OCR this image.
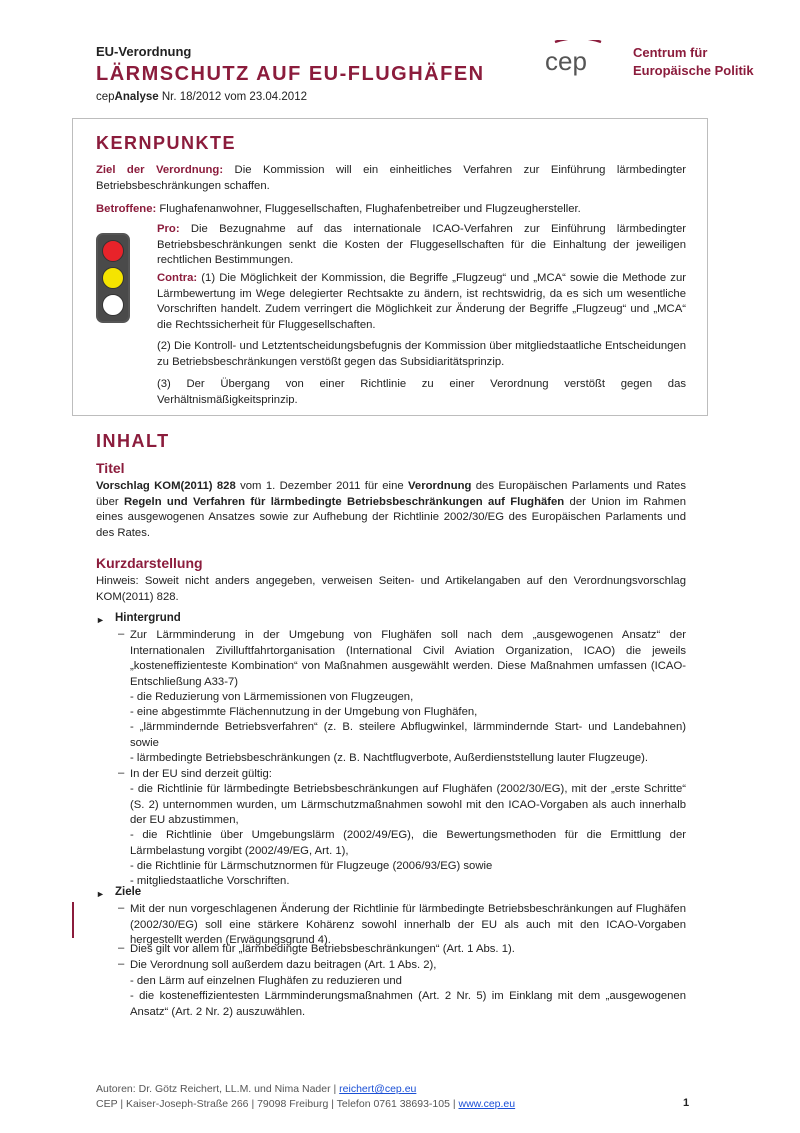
EU-Verordnung
LÄRMSCHUTZ AUF EU-FLUGHÄFEN
cepAnalyse Nr. 18/2012 vom 23.04.2012
cep	Centrum für
Europäische Politik
KERNPUNKTE
Ziel der Verordnung: Die Kommission will ein einheitliches Verfahren zur Einführung lärmbedingter Betriebsbeschränkungen schaffen.
Betroffene: Flughafenanwohner, Fluggesellschaften, Flughafenbetreiber und Flugzeughersteller.
Pro: Die Bezugnahme auf das internationale ICAO-Verfahren zur Einführung lärmbedingter Betriebsbeschränkungen senkt die Kosten der Fluggesellschaften für die Einhaltung der jeweiligen rechtlichen Bestimmungen.
Contra: (1) Die Möglichkeit der Kommission, die Begriffe „Flugzeug“ und „MCA“ sowie die Methode zur Lärmbewertung im Wege delegierter Rechtsakte zu ändern, ist rechtswidrig, da es sich um wesentliche Vorschriften handelt. Zudem verringert die Möglichkeit zur Änderung der Begriffe „Flugzeug“ und „MCA“ die Rechtssicherheit für Fluggesellschaften.
(2) Die Kontroll- und Letztentscheidungsbefugnis der Kommission über mitgliedstaatliche Entscheidungen zu Betriebsbeschränkungen verstößt gegen das Subsidiaritätsprinzip.
(3) Der Übergang von einer Richtlinie zu einer Verordnung verstößt gegen das Verhältnismäßigkeitsprinzip.
INHALT
Titel
Vorschlag KOM(2011) 828 vom 1. Dezember 2011 für eine Verordnung des Europäischen Parlaments und Rates über Regeln und Verfahren für lärmbedingte Betriebsbeschränkungen auf Flughäfen der Union im Rahmen eines ausgewogenen Ansatzes sowie zur Aufhebung der Richtlinie 2002/30/EG des Europäischen Parlaments und des Rates.
Kurzdarstellung
Hinweis: Soweit nicht anders angegeben, verweisen Seiten- und Artikelangaben auf den Verordnungsvorschlag KOM(2011) 828.
► Hintergrund
– Zur Lärmminderung in der Umgebung von Flughäfen soll nach dem „ausgewogenen Ansatz“ der Internationalen Zivilluftfahrtorganisation (International Civil Aviation Organization, ICAO) die jeweils „kosteneffizienteste Kombination“ von Maßnahmen ausgewählt werden. Diese Maßnahmen umfassen (ICAO-Entschließung A33-7)
- die Reduzierung von Lärmemissionen von Flugzeugen,
- eine abgestimmte Flächennutzung in der Umgebung von Flughäfen,
- „lärmmindernde Betriebsverfahren“ (z. B. steilere Abflugwinkel, lärmmindernde Start- und Landebahnen) sowie
- lärmbedingte Betriebsbeschränkungen (z. B. Nachtflugverbote, Außerdienststellung lauter Flugzeuge).
– In der EU sind derzeit gültig:
- die Richtlinie für lärmbedingte Betriebsbeschränkungen auf Flughäfen (2002/30/EG), mit der „erste Schritte“ (S. 2) unternommen wurden, um Lärmschutzmaßnahmen sowohl mit den ICAO-Vorgaben als auch innerhalb der EU abzustimmen,
- die Richtlinie über Umgebungslärm (2002/49/EG), die Bewertungsmethoden für die Ermittlung der Lärmbelastung vorgibt (2002/49/EG, Art. 1),
- die Richtlinie für Lärmschutznormen für Flugzeuge (2006/93/EG) sowie
- mitgliedstaatliche Vorschriften.
► Ziele
– Mit der nun vorgeschlagenen Änderung der Richtlinie für lärmbedingte Betriebsbeschränkungen auf Flughäfen (2002/30/EG) soll eine stärkere Kohärenz sowohl innerhalb der EU als auch mit den ICAO-Vorgaben hergestellt werden (Erwägungsgrund 4).
– Dies gilt vor allem für „lärmbedingte Betriebsbeschränkungen“ (Art. 1 Abs. 1).
– Die Verordnung soll außerdem dazu beitragen (Art. 1 Abs. 2),
- den Lärm auf einzelnen Flughäfen zu reduzieren und
- die kosteneffizientesten Lärmminderungsmaßnahmen (Art. 2 Nr. 5) im Einklang mit dem „ausgewogenen Ansatz“ (Art. 2 Nr. 2) auszuwählen.
Autoren: Dr. Götz Reichert, LL.M. und Nima Nader | reichert@cep.eu
CEP | Kaiser-Joseph-Straße 266 | 79098 Freiburg | Telefon 0761 38693-105 | www.cep.eu	1
